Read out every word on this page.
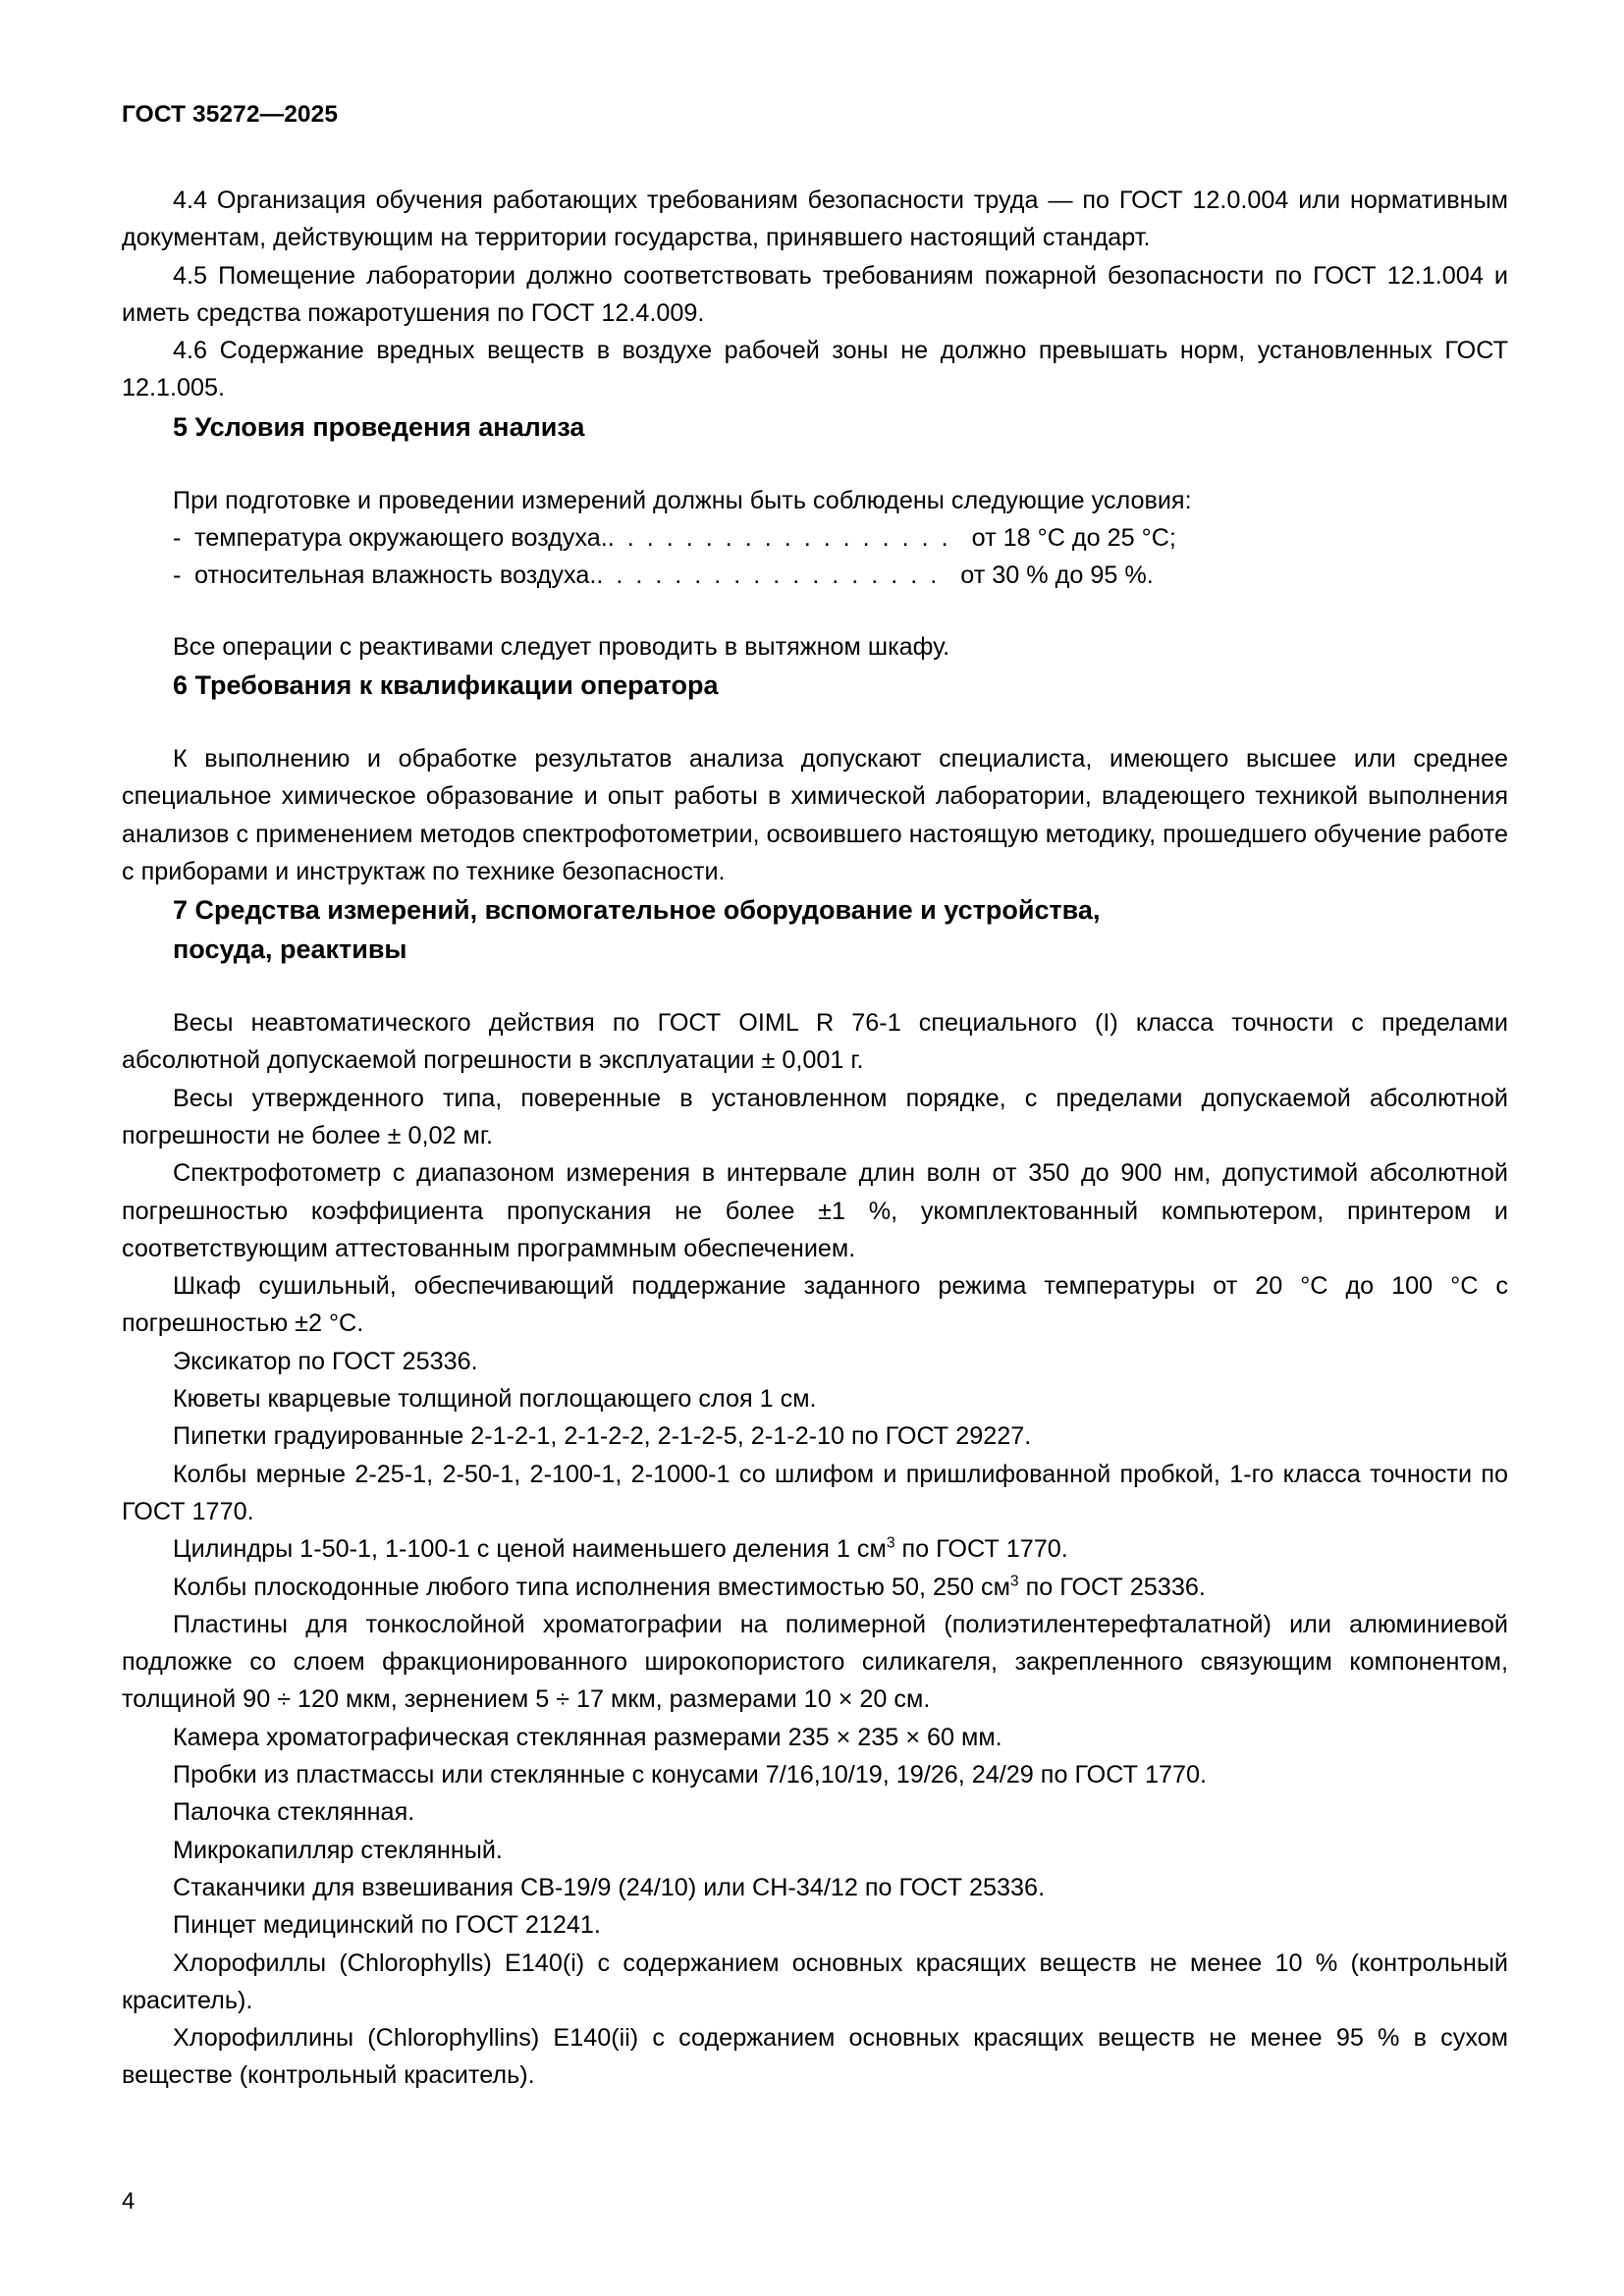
ГОСТ 35272—2025

4.4 Организация обучения работающих требованиям безопасности труда — по ГОСТ 12.0.004 или нормативным документам, действующим на территории государства, принявшего настоящий стандарт.

4.5 Помещение лаборатории должно соответствовать требованиям пожарной безопасности по ГОСТ 12.1.004 и иметь средства пожаротушения по ГОСТ 12.4.009.

4.6 Содержание вредных веществ в воздухе рабочей зоны не должно превышать норм, установленных ГОСТ 12.1.005.

5 Условия проведения анализа

При подготовке и проведении измерений должны быть соблюдены следующие условия:

- температура окружающего воздуха.. . . . . . . . . . . . . . . . . . от 18 °С до 25 °С;
- относительная влажность воздуха.. . . . . . . . . . . . . . . . . . от 30 % до 95 %.

Все операции с реактивами следует проводить в вытяжном шкафу.

6 Требования к квалификации оператора

К выполнению и обработке результатов анализа допускают специалиста, имеющего высшее или среднее специальное химическое образование и опыт работы в химической лаборатории, владеющего техникой выполнения анализов с применением методов спектрофотометрии, освоившего настоящую методику, прошедшего обучение работе с приборами и инструктаж по технике безопасности.

7 Средства измерений, вспомогательное оборудование и устройства,
посуда, реактивы

Весы неавтоматического действия по ГОСТ OIML R 76-1 специального (I) класса точности с пределами абсолютной допускаемой погрешности в эксплуатации ± 0,001 г.

Весы утвержденного типа, поверенные в установленном порядке, с пределами допускаемой абсолютной погрешности не более ± 0,02 мг.

Спектрофотометр с диапазоном измерения в интервале длин волн от 350 до 900 нм, допустимой абсолютной погрешностью коэффициента пропускания не более ±1 %, укомплектованный компьютером, принтером и соответствующим аттестованным программным обеспечением.

Шкаф сушильный, обеспечивающий поддержание заданного режима температуры от 20 °С до 100 °С с погрешностью ±2 °С.

Эксикатор по ГОСТ 25336.

Кюветы кварцевые толщиной поглощающего слоя 1 см.

Пипетки градуированные 2-1-2-1, 2-1-2-2, 2-1-2-5, 2-1-2-10 по ГОСТ 29227.

Колбы мерные 2-25-1, 2-50-1, 2-100-1, 2-1000-1 со шлифом и пришлифованной пробкой, 1-го класса точности по ГОСТ 1770.

Цилиндры 1-50-1, 1-100-1 с ценой наименьшего деления 1 $см^3$ по ГОСТ 1770.

Колбы плоскодонные любого типа исполнения вместимостью 50, 250 $см^3$ по ГОСТ 25336.

Пластины для тонкослойной хроматографии на полимерной (полиэтилентерефталатной) или алюминиевой подложке со слоем фракционированного широкопористого силикагеля, закрепленного связующим компонентом, толщиной 90 ÷ 120 мкм, зернением 5 ÷ 17 мкм, размерами 10 × 20 см.

Камера хроматографическая стеклянная размерами 235 × 235 × 60 мм.

Пробки из пластмассы или стеклянные с конусами 7/16,10/19, 19/26, 24/29 по ГОСТ 1770.

Палочка стеклянная.

Микрокапилляр стеклянный.

Стаканчики для взвешивания СВ-19/9 (24/10) или СН-34/12 по ГОСТ 25336.

Пинцет медицинский по ГОСТ 21241.

Хлорофиллы (Chlorophylls) Е140(i) с содержанием основных красящих веществ не менее 10 % (контрольный краситель).

Хлорофиллины (Chlorophyllins) Е140(ii) с содержанием основных красящих веществ не менее 95 % в сухом веществе (контрольный краситель).

4
